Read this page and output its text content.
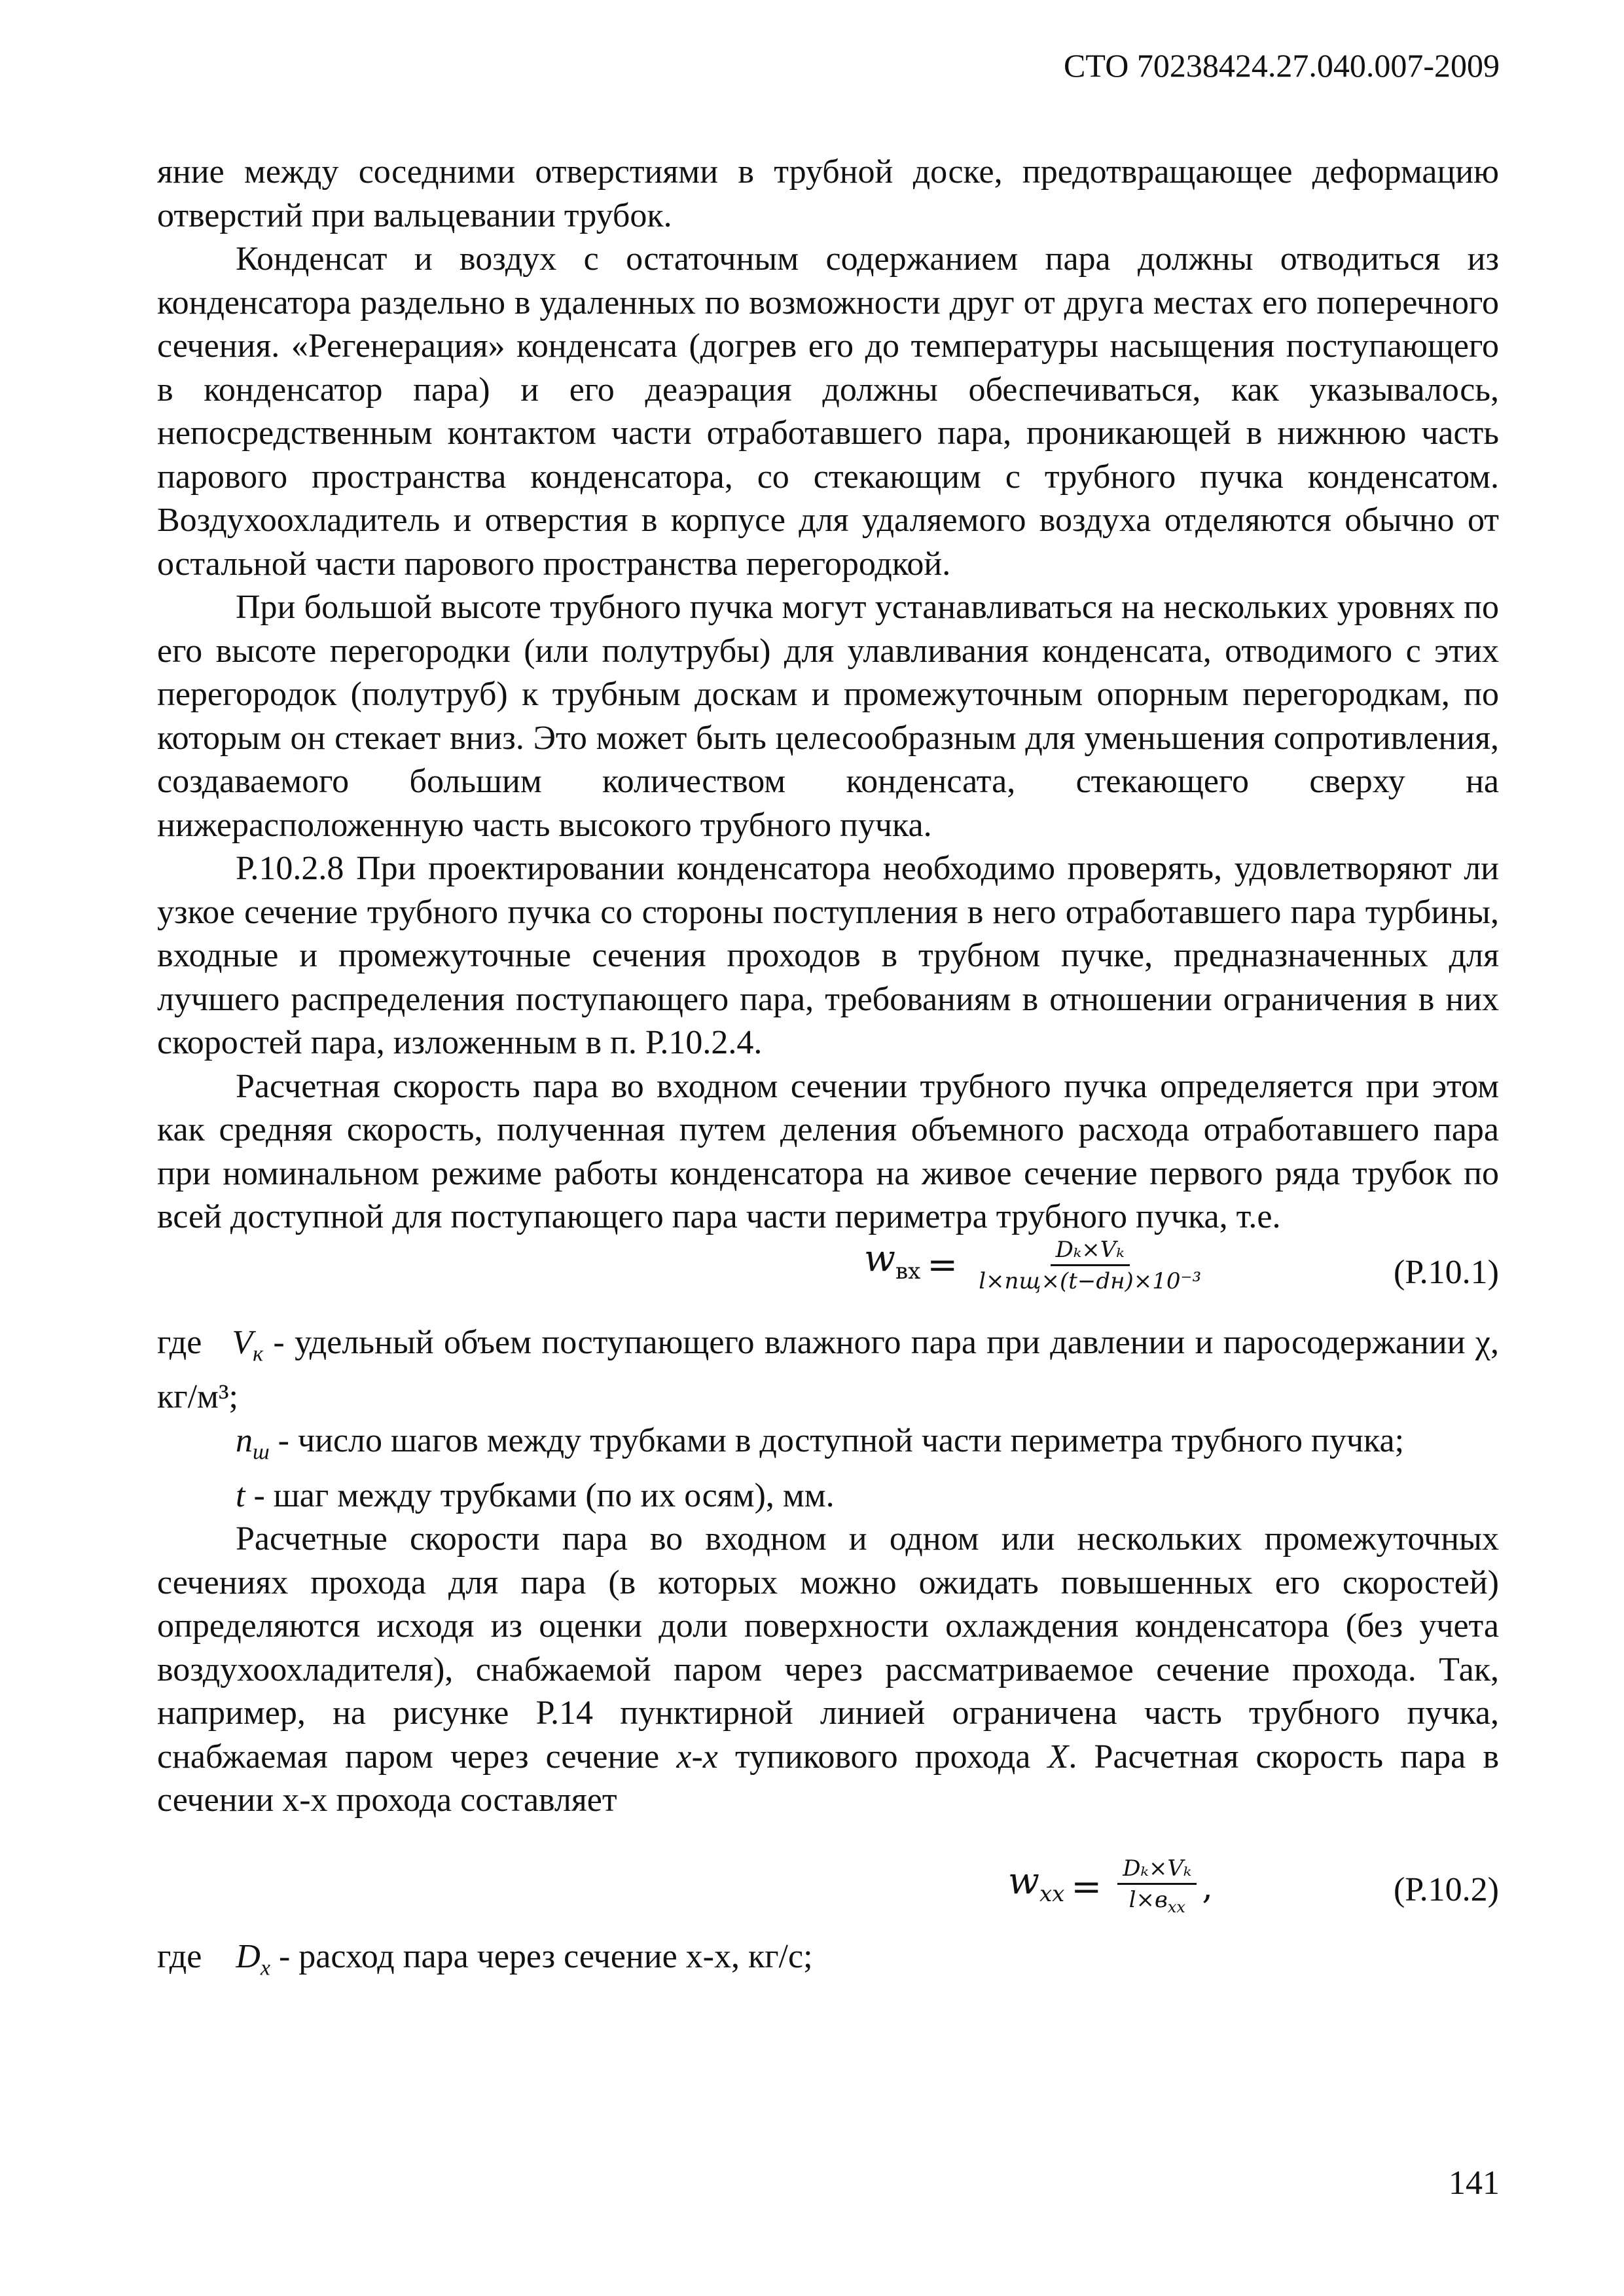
СТО 70238424.27.040.007-2009

яние между соседними отверстиями в трубной доске, предотвращающее деформацию отверстий при вальцевании трубок.

Конденсат и воздух с остаточным содержанием пара должны отводиться из конденсатора раздельно в удаленных по возможности друг от друга местах его поперечного сечения. «Регенерация» конденсата (догрев его до температуры насыщения поступающего в конденсатор пара) и его деаэрация должны обеспечиваться, как указывалось, непосредственным контактом части отработавшего пара, проникающей в нижнюю часть парового пространства конденсатора, со стекающим с трубного пучка конденсатом. Воздухоохладитель и отверстия в корпусе для удаляемого воздуха отделяются обычно от остальной части парового пространства перегородкой.

При большой высоте трубного пучка могут устанавливаться на нескольких уровнях по его высоте перегородки (или полутрубы) для улавливания конденсата, отводимого с этих перегородок (полутруб) к трубным доскам и промежуточным опорным перегородкам, по которым он стекает вниз. Это может быть целесообразным для уменьшения сопротивления, создаваемого большим количеством конденсата, стекающего сверху на нижерасположенную часть высокого трубного пучка.

Р.10.2.8 При проектировании конденсатора необходимо проверять, удовлетворяют ли узкое сечение трубного пучка со стороны поступления в него отработавшего пара турбины, входные и промежуточные сечения проходов в трубном пучке, предназначенных для лучшего распределения поступающего пара, требованиям в отношении ограничения в них скоростей пара, изложенным в п. Р.10.2.4.

Расчетная скорость пара во входном сечении трубного пучка определяется при этом как средняя скорость, полученная путем деления объемного расхода отработавшего пара при номинальном режиме работы конденсатора на живое сечение первого ряда трубок по всей доступной для поступающего пара части периметра трубного пучка, т.е.

$w_{вх} = \frac{\text{Dₖ×Vₖ}}{\text{l×nщ×(t−dн)×10⁻³}}$	(Р.10.1)

где $V_к$ - удельный объем поступающего влажного пара при давлении и паросодержании χ, кг/м³;

$n_ш$ - число шагов между трубками в доступной части периметра трубного пучка;

t - шаг между трубками (по их осям), мм.

Расчетные скорости пара во входном и одном или нескольких промежуточных сечениях прохода для пара (в которых можно ожидать повышенных его скоростей) определяются исходя из оценки доли поверхности охлаждения конденсатора (без учета воздухоохладителя), снабжаемой паром через рассматриваемое сечение прохода. Так, например, на рисунке Р.14 пунктирной линией ограничена часть трубного пучка, снабжаемая паром через сечение x-x тупикового прохода X. Расчетная скорость пара в сечении х-х прохода составляет

$w_{xx} = \frac{\text{Dₖ×Vₖ}}{l\times в_{xx}}$ ,	(Р.10.2)

где $D_x$ - расход пара через сечение х-х, кг/с;

141
